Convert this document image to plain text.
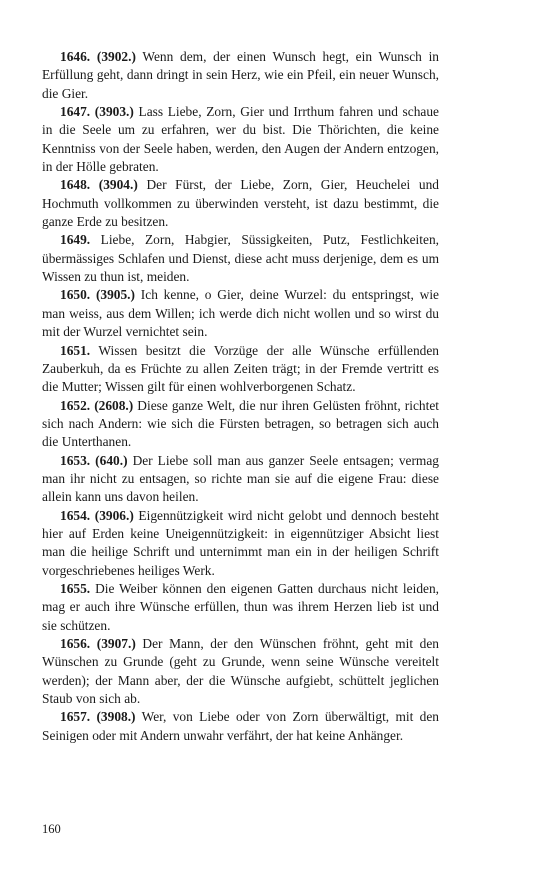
1646. (3902.) Wenn dem, der einen Wunsch hegt, ein Wunsch in Erfüllung geht, dann dringt in sein Herz, wie ein Pfeil, ein neuer Wunsch, die Gier.

1647. (3903.) Lass Liebe, Zorn, Gier und Irrthum fahren und schaue in die Seele um zu erfahren, wer du bist. Die Thörichten, die keine Kenntniss von der Seele haben, werden, den Augen der Andern entzogen, in der Hölle gebraten.

1648. (3904.) Der Fürst, der Liebe, Zorn, Gier, Heuchelei und Hochmuth vollkommen zu überwinden versteht, ist dazu bestimmt, die ganze Erde zu besitzen.

1649. Liebe, Zorn, Habgier, Süssigkeiten, Putz, Festlichkeiten, übermässiges Schlafen und Dienst, diese acht muss derjenige, dem es um Wissen zu thun ist, meiden.

1650. (3905.) Ich kenne, o Gier, deine Wurzel: du entspringst, wie man weiss, aus dem Willen; ich werde dich nicht wollen und so wirst du mit der Wurzel vernichtet sein.

1651. Wissen besitzt die Vorzüge der alle Wünsche erfüllenden Zauberkuh, da es Früchte zu allen Zeiten trägt; in der Fremde vertritt es die Mutter; Wissen gilt für einen wohlverborgenen Schatz.

1652. (2608.) Diese ganze Welt, die nur ihren Gelüsten fröhnt, richtet sich nach Andern: wie sich die Fürsten betragen, so betragen sich auch die Unterthanen.

1653. (640.) Der Liebe soll man aus ganzer Seele entsagen; vermag man ihr nicht zu entsagen, so richte man sie auf die eigene Frau: diese allein kann uns davon heilen.

1654. (3906.) Eigennützigkeit wird nicht gelobt und dennoch besteht hier auf Erden keine Uneigennützigkeit: in eigennütziger Absicht liest man die heilige Schrift und unternimmt man ein in der heiligen Schrift vorgeschriebenes heiliges Werk.

1655. Die Weiber können den eigenen Gatten durchaus nicht leiden, mag er auch ihre Wünsche erfüllen, thun was ihrem Herzen lieb ist und sie schützen.

1656. (3907.) Der Mann, der den Wünschen fröhnt, geht mit den Wünschen zu Grunde (geht zu Grunde, wenn seine Wünsche vereitelt werden); der Mann aber, der die Wünsche aufgiebt, schüttelt jeglichen Staub von sich ab.

1657. (3908.) Wer, von Liebe oder von Zorn überwältigt, mit den Seinigen oder mit Andern unwahr verfährt, der hat keine Anhänger.

160
